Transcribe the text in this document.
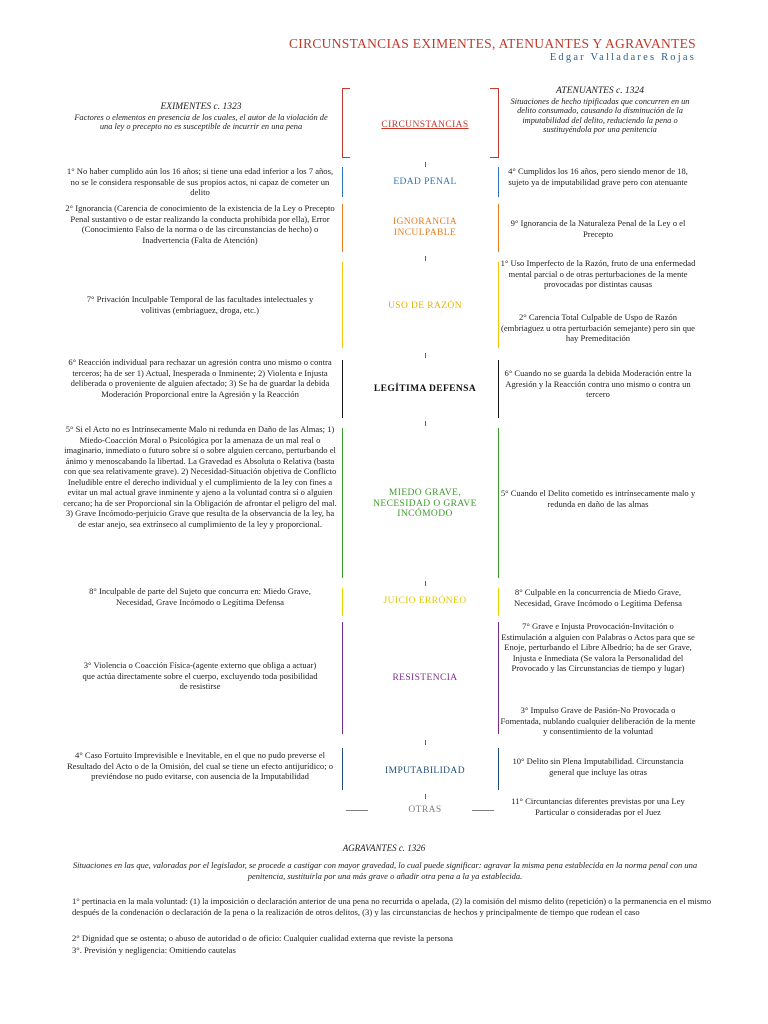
CIRCUNSTANCIAS EXIMENTES, ATENUANTES Y AGRAVANTES
Edgar Valladares Rojas
EXIMENTES c. 1323
Factores o elementos en presencia de los cuales, el autor de la violación de una ley o precepto no es susceptible de incurrir en una pena
ATENUANTES c. 1324
Situaciones de hecho tipificadas que concurren en un delito consumado, causando la disminución de la imputabilidad del delito, reduciendo la pena o sustituyéndola por una penitencia
CIRCUNSTANCIAS
EDAD PENAL
IGNORANCIA INCULPABLE
USO DE RAZÓN
LEGÍTIMA DEFENSA
MIEDO GRAVE, NECESIDAD O GRAVE INCÓMODO
JUICIO ERRÓNEO
RESISTENCIA
IMPUTABILIDAD
OTRAS
1° No haber cumplido aún los 16 años; si tiene una edad inferior a los 7 años, no se le considera responsable de sus propios actos, ni capaz de cometer un delito
2° Ignorancia (Carencia de conocimiento de la existencia de la Ley o Precepto Penal sustantivo o de estar realizando la conducta prohibida por ella), Error (Conocimiento Falso de la norma o de las circunstancias de hecho) o Inadvertencia (Falta de Atención)
7° Privación Inculpable Temporal de las facultades intelectuales y volitivas (embriaguez, droga, etc.)
6° Reacción individual para rechazar un agresión contra uno mismo o contra terceros; ha de ser 1) Actual, Inesperada o Inminente; 2) Violenta e Injusta deliberada o proveniente de alguien afectado; 3) Se ha de guardar la debida Moderación Proporcional entre la Agresión y la Reacción
5° Si el Acto no es Intrínsecamente Malo ni redunda en Daño de las Almas; 1) Miedo-Coacción Moral o Psicológica por la amenaza de un mal real o imaginario, inmediato o futuro sobre sí o sobre alguien cercano, perturbando el ánimo y menoscabando la libertad. La Gravedad es Absoluta o Relativa (basta con que sea relativamente grave). 2) Necesidad-Situación objetiva de Conflicto Ineludible entre el derecho individual y el cumplimiento de la ley con fines a evitar un mal actual grave inminente y ajeno a la voluntad contra sí o alguien cercano; ha de ser Proporcional sin la Obligación de afrontar el peligro del mal. 3) Grave Incómodo-perjuicio Grave que resulta de la observancia de la ley, ha de estar anejo, sea extrínseco al cumplimiento de la ley y proporcional.
8° Inculpable de parte del Sujeto que concurra en: Miedo Grave, Necesidad, Grave Incómodo o Legítima Defensa
3° Violencia o Coacción Física-(agente externo que obliga a actuar) que actúa directamente sobre el cuerpo, excluyendo toda posibilidad de resistirse
4° Caso Fortuito Imprevisible e Inevitable, en el que no pudo preverse el Resultado del Acto o de la Omisión, del cual se tiene un efecto antijurídico; o previéndose no pudo evitarse, con ausencia de la Imputabilidad
4° Cumplidos los 16 años, pero siendo menor de 18, sujeto ya de imputabilidad grave pero con atenuante
9° Ignorancia de la Naturaleza Penal de la Ley o el Precepto
1° Uso Imperfecto de la Razón, fruto de una enfermedad mental parcial o de otras perturbaciones de la mente provocadas por distintas causas
2° Carencia Total Culpable de Uspo de Razón (embriaguez u otra perturbación semejante) pero sin que hay Premeditación
6° Cuando no se guarda la debida Moderación entre la Agresión y la Reacción contra uno mismo o contra un tercero
5° Cuando el Delito cometido es intrínsecamente malo y redunda en daño de las almas
8° Culpable en la concurrencia de Miedo Grave, Necesidad, Grave Incómodo o Legítima Defensa
7° Grave e Injusta Provocación-Invitación o Estimulación a alguien con Palabras o Actos para que se Enoje, perturbando el Libre Albedrío; ha de ser Grave, Injusta e Inmediata (Se valora la Personalidad del Provocado y las Circunstancias de tiempo y lugar)
3° Impulso Grave de Pasión-No Provocada o Fomentada, nublando cualquier deliberación de la mente y consentimiento de la voluntad
10° Delito sin Plena Imputabilidad. Circunstancia general que incluye las otras
11° Circuntancias diferentes previstas por una Ley Particular o consideradas por el Juez
AGRAVANTES c. 1326
Situaciones en las que, valoradas por el legislador, se procede a castigar con mayor gravedad, lo cual puede significar: agravar la misma pena establecida en la norma penal con una penitencia, sustituirla por una más grave o añadir otra pena a la ya establecida.
1° pertinacia en la mala voluntad: (1) la imposición o declaración anterior de una pena no recurrida o apelada, (2) la comisión del mismo delito (repetición) o la permanencia en el mismo después de la condenación o declaración de la pena o la realización de otros delitos, (3) y las circunstancias de hechos y principalmente de tiempo que rodean el caso
2° Dignidad que se ostenta; o abuso de autoridad o de oficio: Cualquier cualidad externa que reviste la persona
3°. Previsión y negligencia: Omitiendo cautelas
